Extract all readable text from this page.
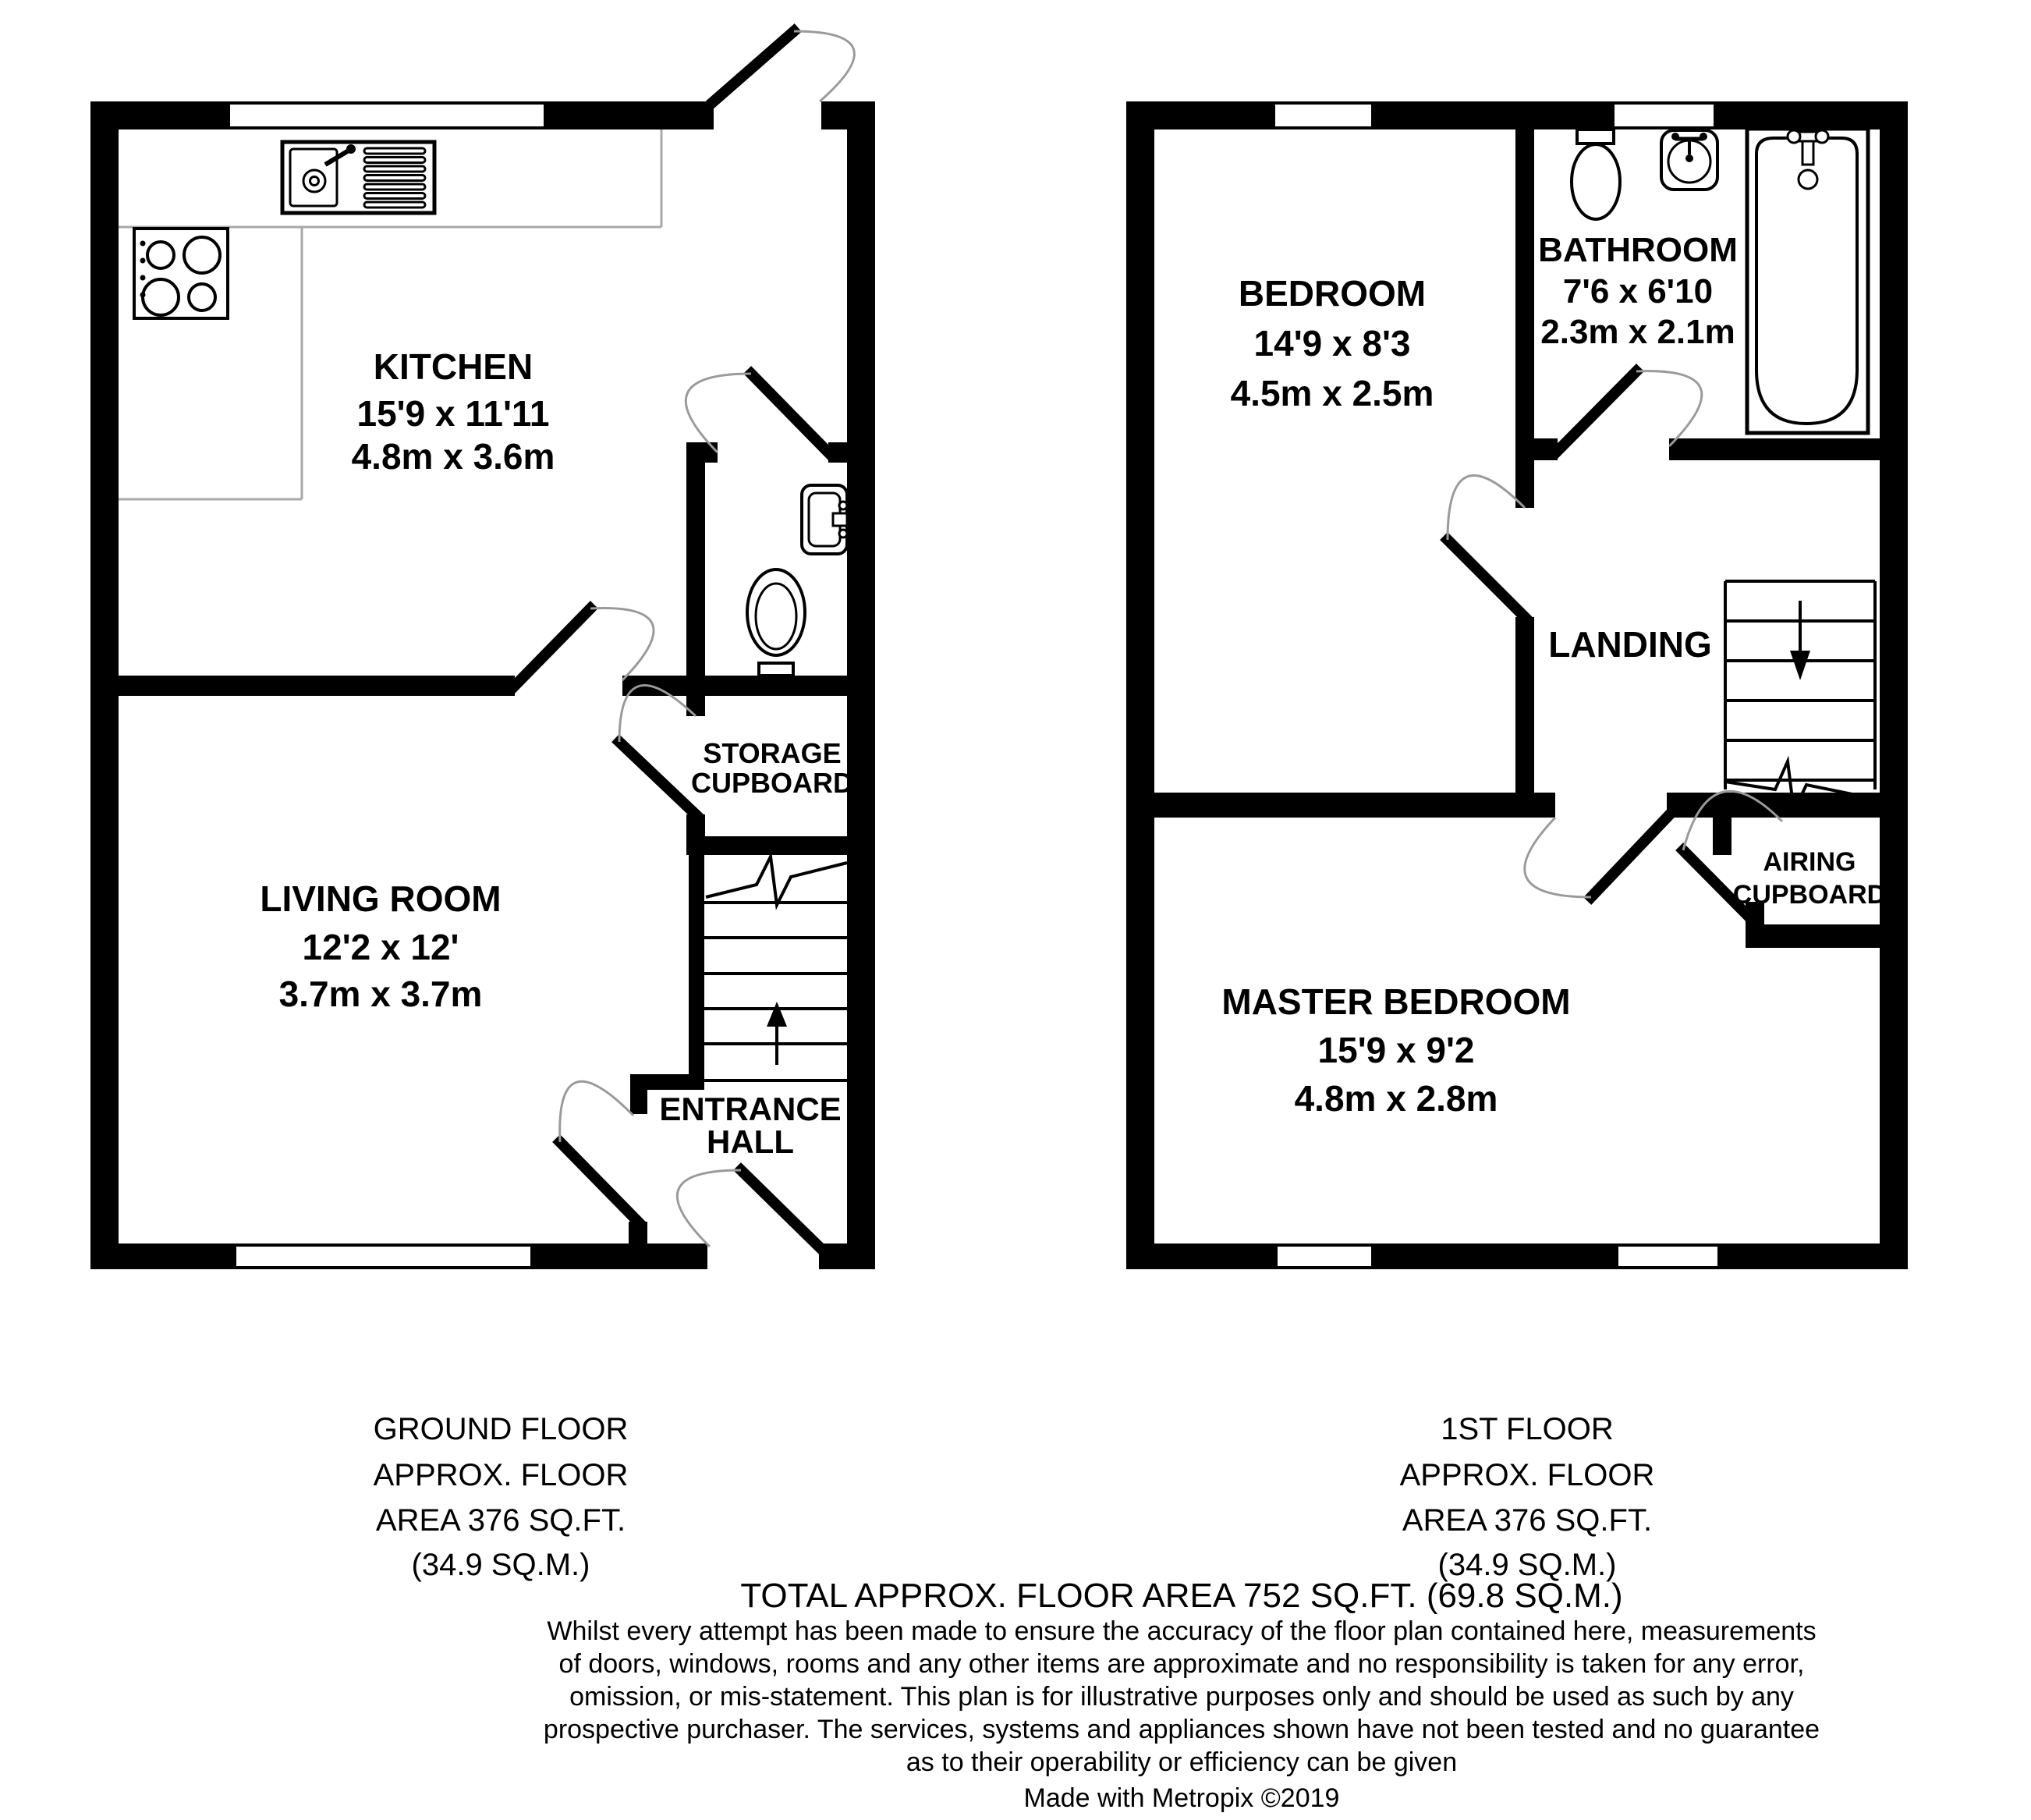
KITCHEN
15'9 x 11'11
4.8m x 3.6m
LIVING ROOM
12'2 x 12'
3.7m x 3.7m
STORAGE
CUPBOARD
ENTRANCE
HALL
BEDROOM
14'9 x 8'3
4.5m x 2.5m
BATHROOM
7'6 x 6'10
2.3m x 2.1m
LANDING
AIRING
CUPBOARD
MASTER BEDROOM
15'9 x 9'2
4.8m x 2.8m
GROUND FLOOR
APPROX. FLOOR
AREA 376 SQ.FT.
(34.9 SQ.M.)
1ST FLOOR
APPROX. FLOOR
AREA 376 SQ.FT.
(34.9 SQ.M.)
TOTAL APPROX. FLOOR AREA 752 SQ.FT. (69.8 SQ.M.)
Whilst every attempt has been made to ensure the accuracy of the floor plan contained here, measurements
of doors, windows, rooms and any other items are approximate and no responsibility is taken for any error,
omission, or mis-statement. This plan is for illustrative purposes only and should be used as such by any
prospective purchaser. The services, systems and appliances shown have not been tested and no guarantee
as to their operability or efficiency can be given
Made with Metropix ©2019
